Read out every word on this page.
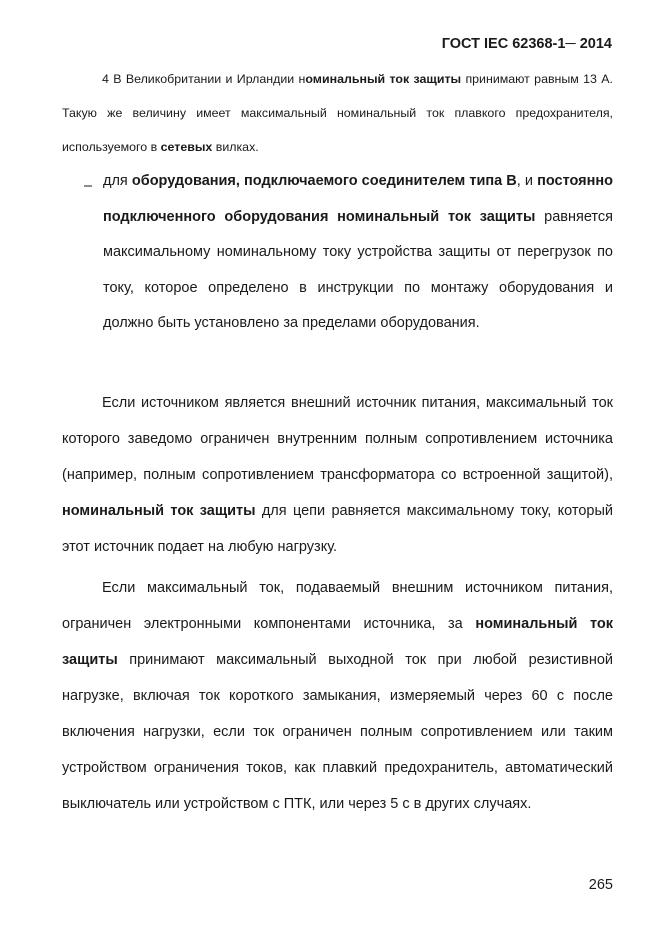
ГОСТ IEC 62368-1─ 2014
4 В Великобритании и Ирландии номинальный ток защиты принимают равным 13 А. Такую же величину имеет максимальный номинальный ток плавкого предохранителя, используемого в сетевых вилках.
– для оборудования, подключаемого соединителем типа В, и постоянно подключенного оборудования номинальный ток защиты равняется максимальному номинальному току устройства защиты от перегрузок по току, которое определено в инструкции по монтажу оборудования и должно быть установлено за пределами оборудования.
Если источником является внешний источник питания, максимальный ток которого заведомо ограничен внутренним полным сопротивлением источника (например, полным сопротивлением трансформатора со встроенной защитой), номинальный ток защиты для цепи равняется максимальному току, который этот источник подает на любую нагрузку.
Если максимальный ток, подаваемый внешним источником питания, ограничен электронными компонентами источника, за номинальный ток защиты принимают максимальный выходной ток при любой резистивной нагрузке, включая ток короткого замыкания, измеряемый через 60 с после включения нагрузки, если ток ограничен полным сопротивлением или таким устройством ограничения токов, как плавкий предохранитель, автоматический выключатель или устройством с ПТК, или через 5 с в других случаях.
265
